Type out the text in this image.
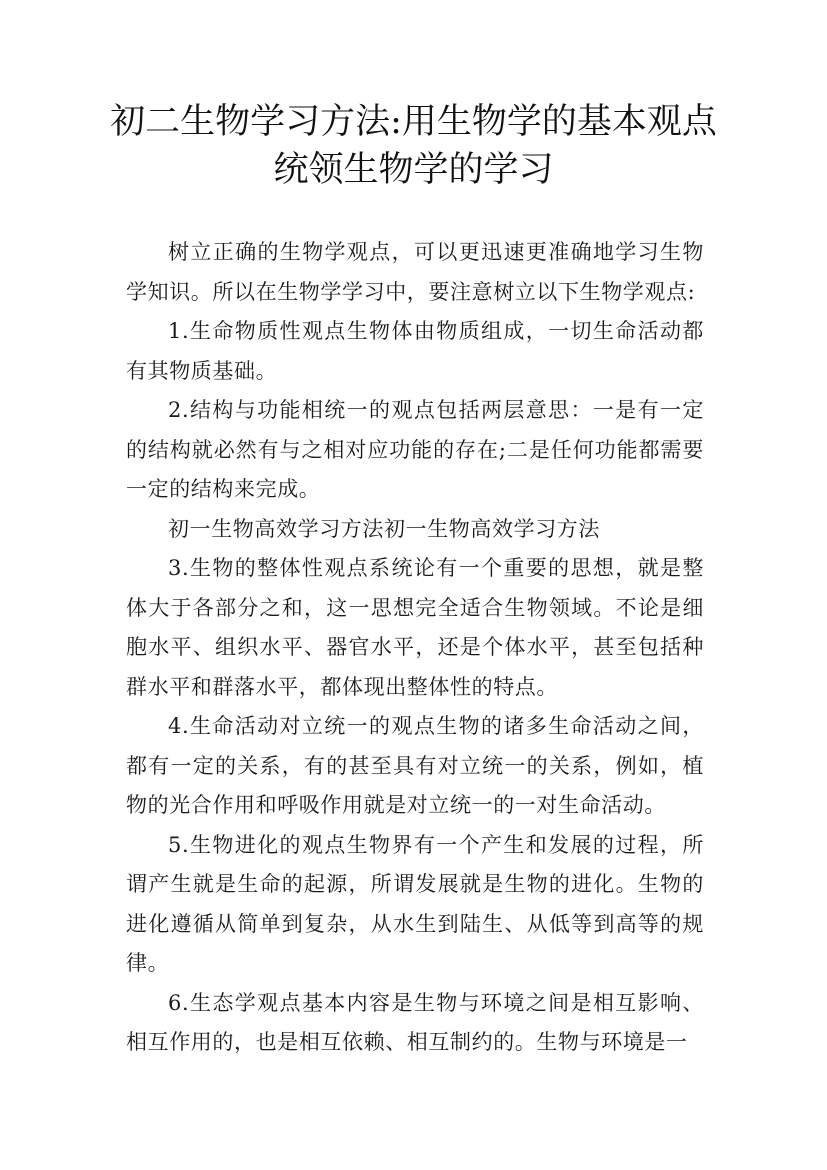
初二生物学习方法:用生物学的基本观点统领生物学的学习

树立正确的生物学观点，可以更迅速更准确地学习生物学知识。所以在生物学学习中，要注意树立以下生物学观点:

1.生命物质性观点生物体由物质组成，一切生命活动都有其物质基础。

2.结构与功能相统一的观点包括两层意思：一是有一定的结构就必然有与之相对应功能的存在;二是任何功能都需要一定的结构来完成。

初一生物高效学习方法初一生物高效学习方法

3.生物的整体性观点系统论有一个重要的思想，就是整体大于各部分之和，这一思想完全适合生物领域。不论是细胞水平、组织水平、器官水平，还是个体水平，甚至包括种群水平和群落水平，都体现出整体性的特点。

4.生命活动对立统一的观点生物的诸多生命活动之间，都有一定的关系，有的甚至具有对立统一的关系，例如，植物的光合作用和呼吸作用就是对立统一的一对生命活动。

5.生物进化的观点生物界有一个产生和发展的过程，所谓产生就是生命的起源，所谓发展就是生物的进化。生物的进化遵循从简单到复杂，从水生到陆生、从低等到高等的规律。

6.生态学观点基本内容是生物与环境之间是相互影响、相互作用的，也是相互依赖、相互制约的。生物与环境是一
